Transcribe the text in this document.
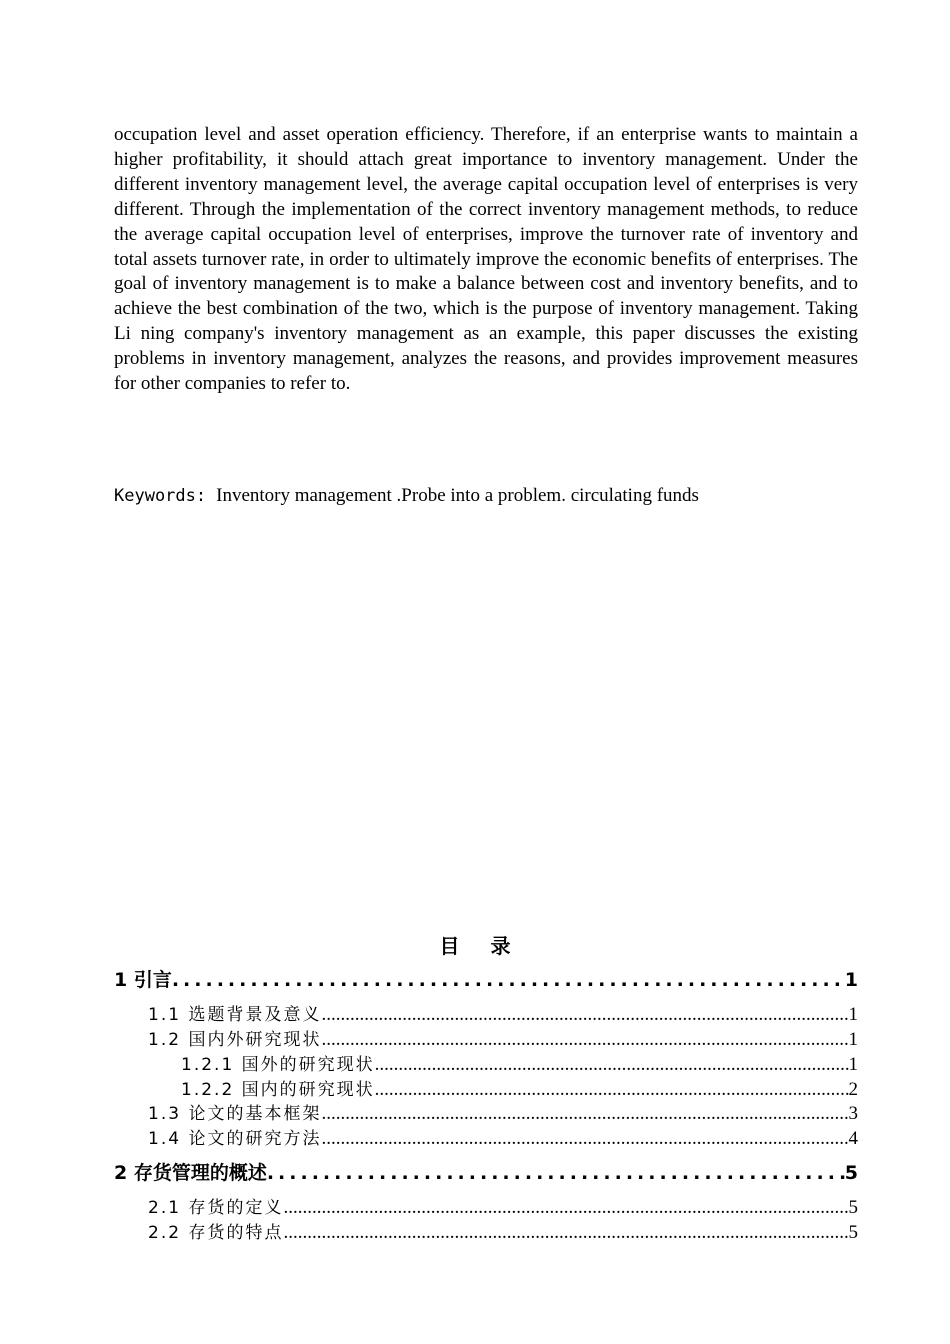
occupation level and asset operation efficiency. Therefore, if an enterprise wants to maintain a higher profitability, it should attach great importance to inventory management. Under the different inventory management level, the average capital occupation level of enterprises is very different. Through the implementation of the correct inventory management methods, to reduce the average capital occupation level of enterprises, improve the turnover rate of inventory and total assets turnover rate, in order to ultimately improve the economic benefits of enterprises. The goal of inventory management is to make a balance between cost and inventory benefits, and to achieve the best combination of the two, which is the purpose of inventory management. Taking Li ning company's inventory management as an example, this paper discusses the existing problems in inventory management, analyzes the reasons, and provides improvement measures for other companies to refer to.
Keywords: Inventory management .Probe into a problem. circulating funds
目 录
1 引言 .....	1
1.1 选题背景及意义 .....	1
1.2 国内外研究现状 .....	1
1.2.1 国外的研究现状 .....	1
1.2.2 国内的研究现状 .....	2
1.3 论文的基本框架 .....	3
1.4 论文的研究方法 .....	4
2 存货管理的概述 .....	5
2.1 存货的定义 .....	5
2.2 存货的特点 .....	5
